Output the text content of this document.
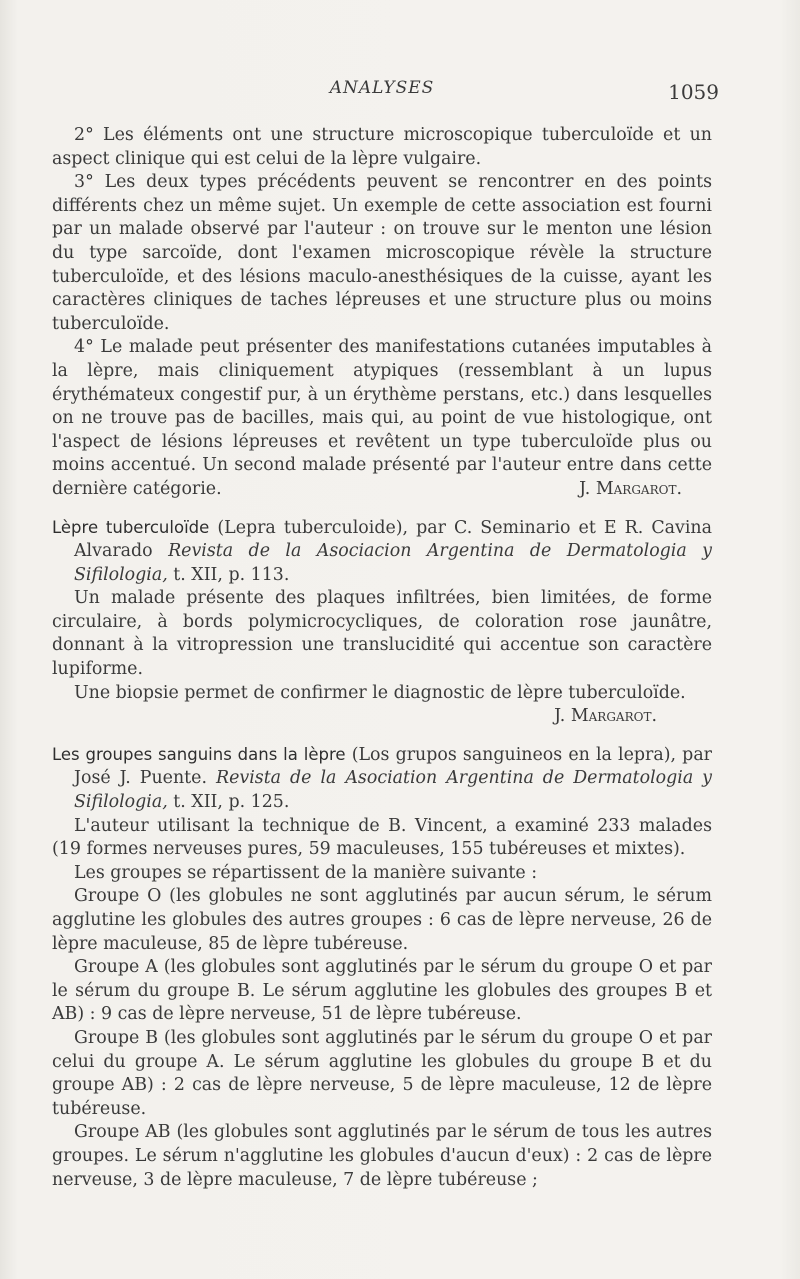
ANALYSES	1059

2° Les éléments ont une structure microscopique tuberculoïde et un aspect clinique qui est celui de la lèpre vulgaire.

3° Les deux types précédents peuvent se rencontrer en des points différents chez un même sujet. Un exemple de cette association est fourni par un malade observé par l'auteur : on trouve sur le menton une lésion du type sarcoïde, dont l'examen microscopique révèle la structure tuberculoïde, et des lésions maculo-anesthésiques de la cuisse, ayant les caractères cliniques de taches lépreuses et une structure plus ou moins tuberculoïde.

4° Le malade peut présenter des manifestations cutanées imputables à la lèpre, mais cliniquement atypiques (ressemblant à un lupus érythémateux congestif pur, à un érythème perstans, etc.) dans lesquelles on ne trouve pas de bacilles, mais qui, au point de vue histologique, ont l'aspect de lésions lépreuses et revêtent un type tuberculoïde plus ou moins accentué. Un second malade présenté par l'auteur entre dans cette dernière catégorie.	J. Margarot.

Lèpre tuberculoïde (Lepra tuberculoide), par C. Seminario et E R. Cavina Alvarado Revista de la Asociacion Argentina de Dermatologia y Sifilologia, t. XII, p. 113.

Un malade présente des plaques infiltrées, bien limitées, de forme circulaire, à bords polymicrocycliques, de coloration rose jaunâtre, donnant à la vitropression une translucidité qui accentue son caractère lupiforme.

Une biopsie permet de confirmer le diagnostic de lèpre tuberculoïde.

J. Margarot.

Les groupes sanguins dans la lèpre (Los grupos sanguineos en la lepra), par José J. Puente. Revista de la Asociation Argentina de Dermatologia y Sifilologia, t. XII, p. 125.

L'auteur utilisant la technique de B. Vincent, a examiné 233 malades (19 formes nerveuses pures, 59 maculeuses, 155 tubéreuses et mixtes).

Les groupes se répartissent de la manière suivante :

Groupe O (les globules ne sont agglutinés par aucun sérum, le sérum agglutine les globules des autres groupes : 6 cas de lèpre nerveuse, 26 de lèpre maculeuse, 85 de lèpre tubéreuse.

Groupe A (les globules sont agglutinés par le sérum du groupe O et par le sérum du groupe B. Le sérum agglutine les globules des groupes B et AB) : 9 cas de lèpre nerveuse, 51 de lèpre tubéreuse.

Groupe B (les globules sont agglutinés par le sérum du groupe O et par celui du groupe A. Le sérum agglutine les globules du groupe B et du groupe AB) : 2 cas de lèpre nerveuse, 5 de lèpre maculeuse, 12 de lèpre tubéreuse.

Groupe AB (les globules sont agglutinés par le sérum de tous les autres groupes. Le sérum n'agglutine les globules d'aucun d'eux) : 2 cas de lèpre nerveuse, 3 de lèpre maculeuse, 7 de lèpre tubéreuse ;
